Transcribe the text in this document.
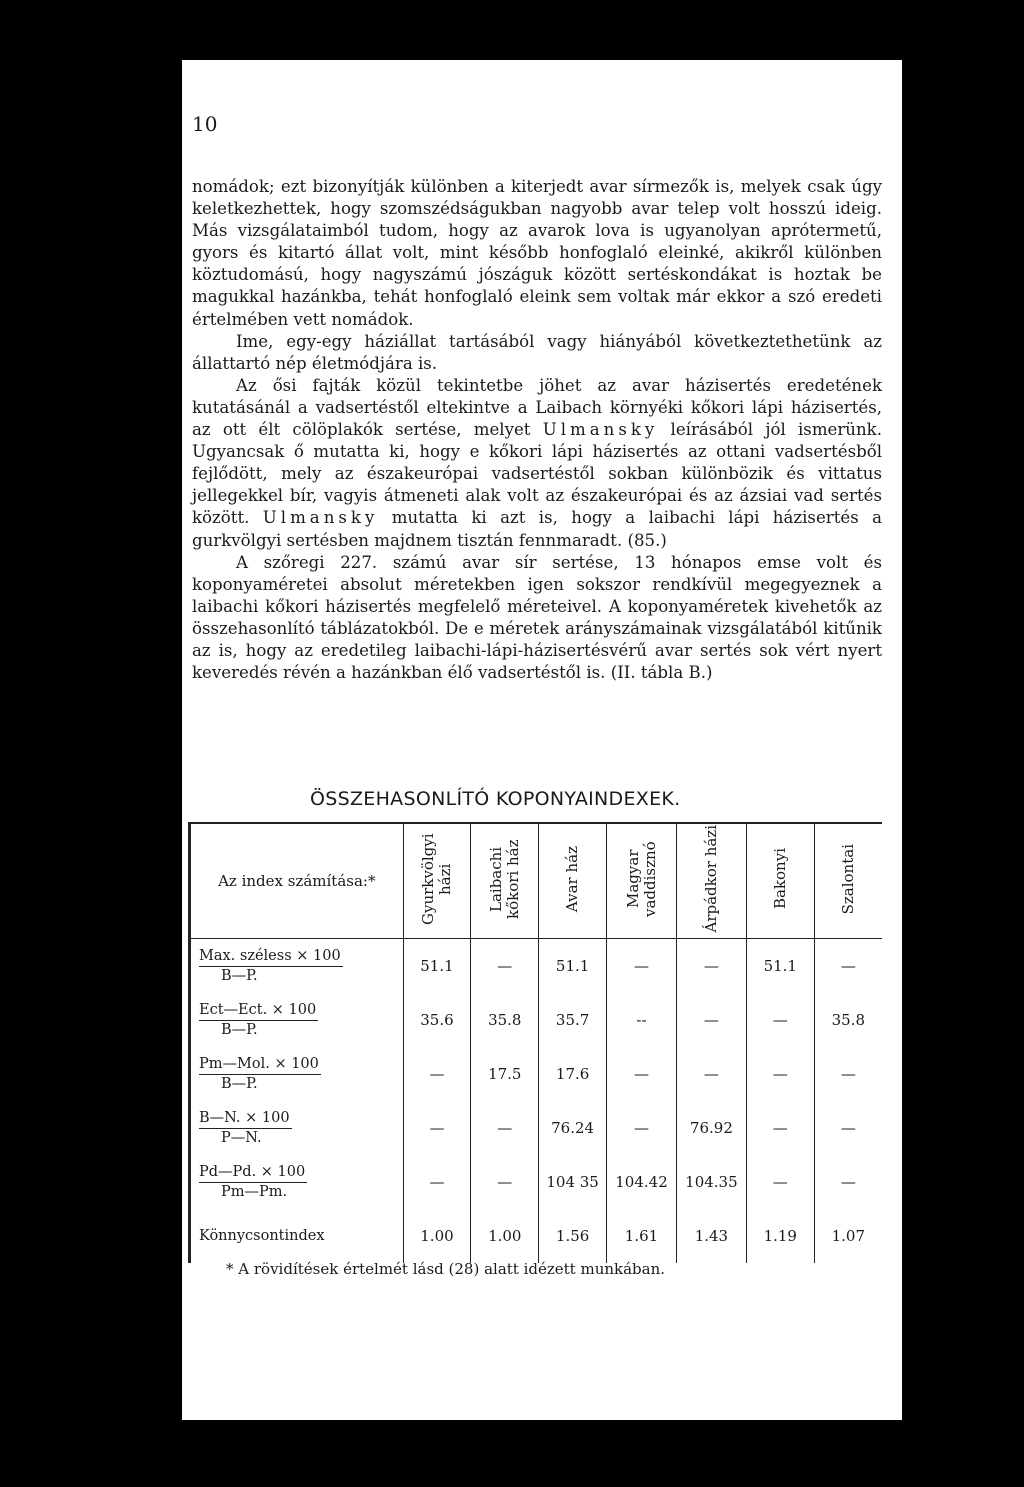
10
nomádok; ezt bizonyítják különben a kiterjedt avar sírmezők is, melyek csak úgy keletkezhettek, hogy szomszédságukban nagyobb avar telep volt hosszú ideig. Más vizsgálataimból tudom, hogy az avarok lova is ugyanolyan aprótermetű, gyors és kitartó állat volt, mint később honfoglaló eleinké, akikről különben köztudomású, hogy nagyszámú jószáguk között sertéskondákat is hoztak be magukkal hazánkba, tehát honfoglaló eleink sem voltak már ekkor a szó eredeti értelmében vett nomádok.
Ime, egy-egy háziállat tartásából vagy hiányából következtethetünk az állattartó nép életmódjára is.
Az ősi fajták közül tekintetbe jöhet az avar házisertés eredetének kutatásánál a vadsertéstől eltekintve a Laibach környéki kőkori lápi házisertés, az ott élt cölöplakók sertése, melyet Ulmansky leírásából jól ismerünk. Ugyancsak ő mutatta ki, hogy e kőkori lápi házisertés az ottani vadsertésből fejlődött, mely az északeurópai vadsertéstől sokban különbözik és vittatus jellegekkel bír, vagyis átmeneti alak volt az északeurópai és az ázsiai vad sertés között. Ulmansky mutatta ki azt is, hogy a laibachi lápi házisertés a gurkvölgyi sertésben majdnem tisztán fennmaradt. (85.)
A szőregi 227. számú avar sír sertése, 13 hónapos emse volt és koponyaméretei absolut méretekben igen sokszor rendkívül megegyeznek a laibachi kőkori házisertés megfelelő méreteivel. A koponyaméretek kivehetők az összehasonlító táblázatokból. De e méretek arányszámainak vizsgálatából kitűnik az is, hogy az eredetileg laibachi-lápi-házisertésvérű avar sertés sok vért nyert keveredés révén a hazánkban élő vadsertéstől is. (II. tábla B.)
ÖSSZEHASONLÍTÓ KOPONYAINDEXEK.
Az index számítása:*	Gyurkvölgyi házi	Laibachi kőkori ház	Avar ház	Magyar vaddisznó	Árpádkor házi	Bakonyi	Szalontai
Max. széless × 100
B—P.	51.1	—	51.1	—	—	51.1	—
Ect—Ect. × 100
B—P.	35.6	35.8	35.7	--	—	—	35.8
Pm—Mol. × 100
B—P.	—	17.5	17.6	—	—	—	—
B—N. × 100
P—N.	—	—	76.24	—	76.92	—	—
Pd—Pd. × 100
Pm—Pm.	—	—	104 35	104.42	104.35	—	—
Könnycsontindex	1.00	1.00	1.56	1.61	1.43	1.19	1.07
* A rövidítések értelmét lásd (28) alatt idézett munkában.
